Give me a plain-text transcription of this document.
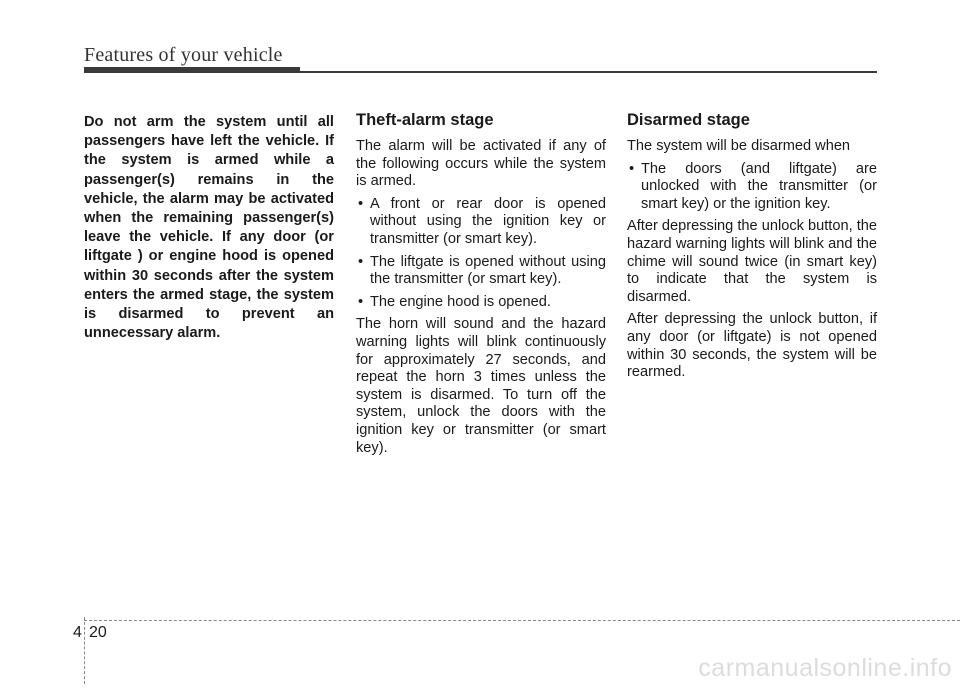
Features of your vehicle

Do not arm the system until all passengers have left the vehicle. If the system is armed while a passenger(s) remains in the vehicle, the alarm may be activated when the remaining passenger(s) leave the vehicle. If any door (or liftgate ) or engine hood is opened within 30 seconds after the system enters the armed stage, the system is disarmed to prevent an unnecessary alarm.

Theft-alarm stage

The alarm will be activated if any of the following occurs while the system is armed.

• A front or rear door is opened without using the ignition key or transmitter (or smart key).
• The liftgate is opened without using the transmitter (or smart key).
• The engine hood is opened.

The horn will sound and the hazard warning lights will blink continuously for approximately 27 seconds, and repeat the horn 3 times unless the system is disarmed. To turn off the system, unlock the doors with the ignition key or transmitter (or smart key).

Disarmed stage

The system will be disarmed when

• The doors (and liftgate) are unlocked with the transmitter (or smart key) or the ignition key.

After depressing the unlock button, the hazard warning lights will blink and the chime will sound twice (in smart key) to indicate that the system is disarmed.

After depressing the unlock button, if any door (or liftgate) is not opened within 30 seconds, the system will be rearmed.

4 20
carmanualsonline.info
